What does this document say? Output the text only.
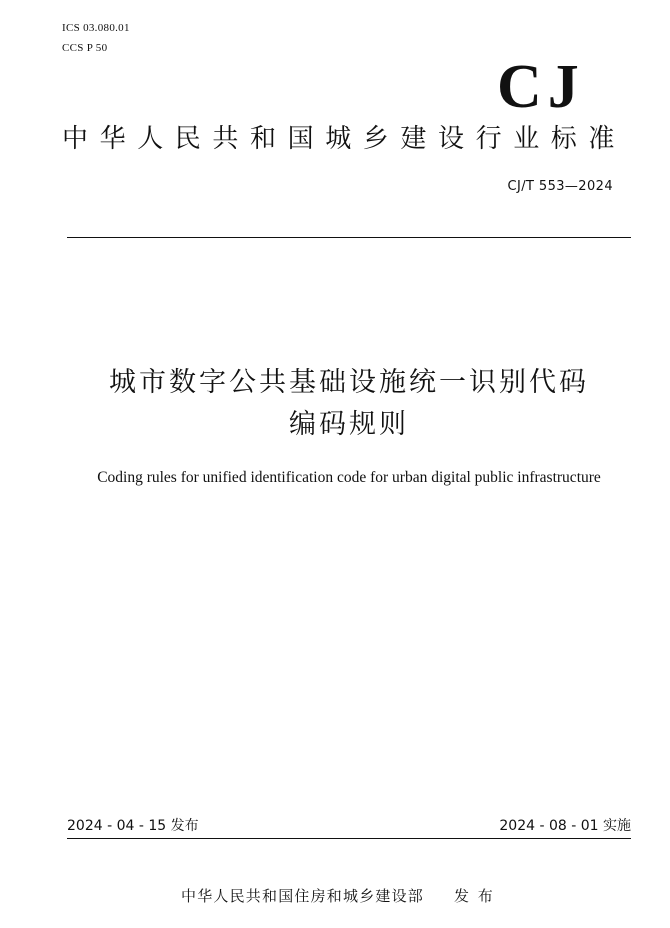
ICS 03.080.01
CCS P 50
CJ
中华人民共和国城乡建设行业标准
CJ/T 553—2024
城市数字公共基础设施统一识别代码
编码规则
Coding rules for unified identification code for urban digital public infrastructure
2024 - 04 - 15 发布	2024 - 08 - 01 实施
中华人民共和国住房和城乡建设部 发 布
